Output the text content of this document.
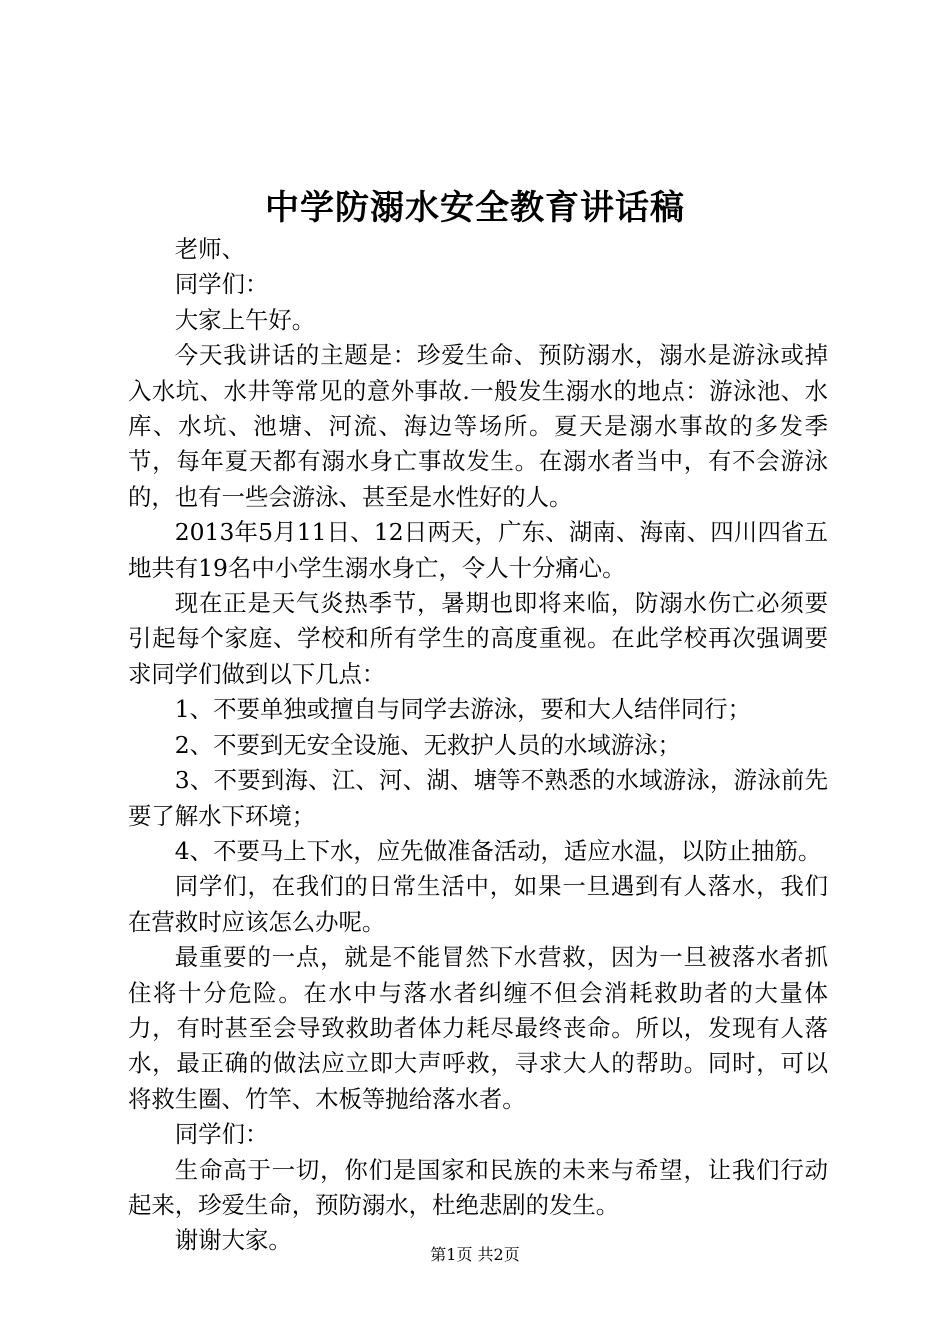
中学防溺水安全教育讲话稿

老师、

同学们：

大家上午好。

今天我讲话的主题是：珍爱生命、预防溺水，溺水是游泳或掉入水坑、水井等常见的意外事故.一般发生溺水的地点：游泳池、水库、水坑、池塘、河流、海边等场所。夏天是溺水事故的多发季节，每年夏天都有溺水身亡事故发生。在溺水者当中，有不会游泳的，也有一些会游泳、甚至是水性好的人。

2013年5月11日、12日两天，广东、湖南、海南、四川四省五地共有19名中小学生溺水身亡，令人十分痛心。

现在正是天气炎热季节，暑期也即将来临，防溺水伤亡必须要引起每个家庭、学校和所有学生的高度重视。在此学校再次强调要求同学们做到以下几点：

1、不要单独或擅自与同学去游泳，要和大人结伴同行；

2、不要到无安全设施、无救护人员的水域游泳；

3、不要到海、江、河、湖、塘等不熟悉的水域游泳，游泳前先要了解水下环境；

4、不要马上下水，应先做准备活动，适应水温，以防止抽筋。

同学们，在我们的日常生活中，如果一旦遇到有人落水，我们在营救时应该怎么办呢。

最重要的一点，就是不能冒然下水营救，因为一旦被落水者抓住将十分危险。在水中与落水者纠缠不但会消耗救助者的大量体力，有时甚至会导致救助者体力耗尽最终丧命。所以，发现有人落水，最正确的做法应立即大声呼救，寻求大人的帮助。同时，可以将救生圈、竹竿、木板等抛给落水者。

同学们：

生命高于一切，你们是国家和民族的未来与希望，让我们行动起来，珍爱生命，预防溺水，杜绝悲剧的发生。

谢谢大家。

第1页 共2页
